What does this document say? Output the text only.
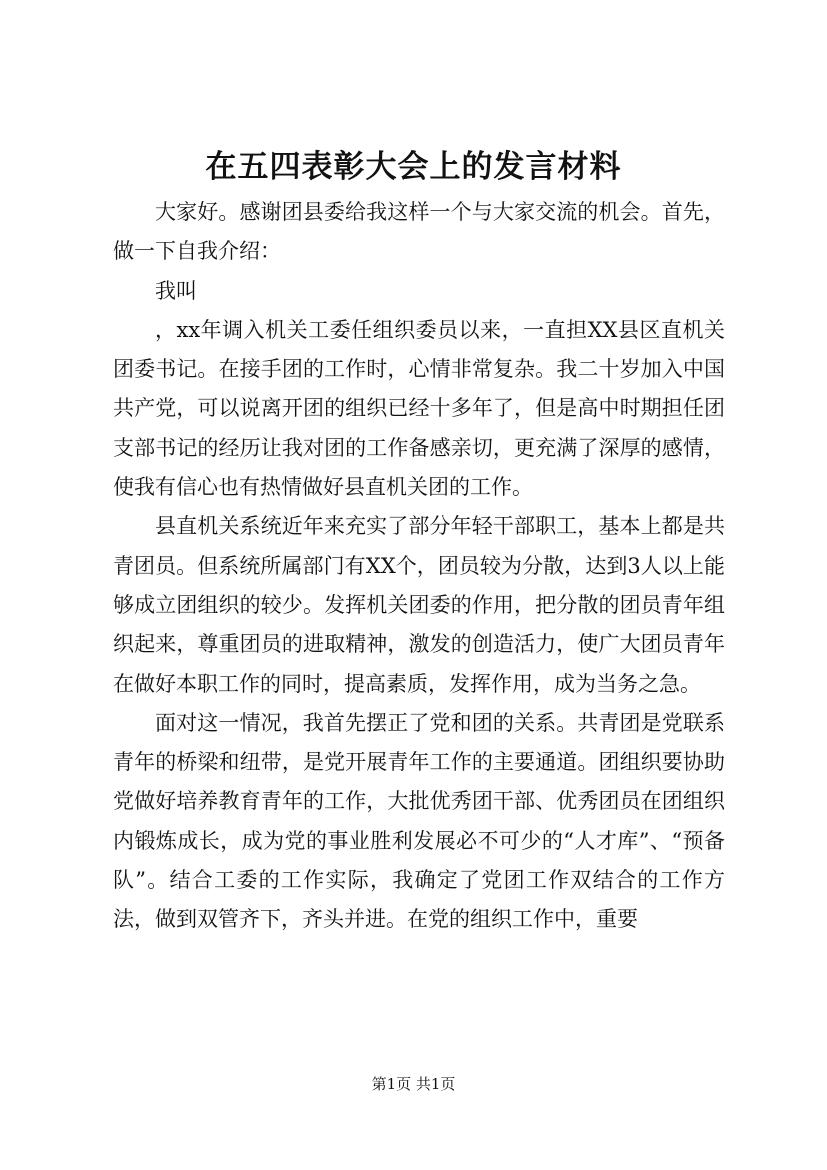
在五四表彰大会上的发言材料

大家好。感谢团县委给我这样一个与大家交流的机会。首先，做一下自我介绍：

我叫

，xx年调入机关工委任组织委员以来，一直担XX县区直机关团委书记。在接手团的工作时，心情非常复杂。我二十岁加入中国共产党，可以说离开团的组织已经十多年了，但是高中时期担任团支部书记的经历让我对团的工作备感亲切，更充满了深厚的感情，使我有信心也有热情做好县直机关团的工作。

县直机关系统近年来充实了部分年轻干部职工，基本上都是共青团员。但系统所属部门有XX个，团员较为分散，达到3人以上能够成立团组织的较少。发挥机关团委的作用，把分散的团员青年组织起来，尊重团员的进取精神，激发的创造活力，使广大团员青年在做好本职工作的同时，提高素质，发挥作用，成为当务之急。

面对这一情况，我首先摆正了党和团的关系。共青团是党联系青年的桥梁和纽带，是党开展青年工作的主要通道。团组织要协助党做好培养教育青年的工作，大批优秀团干部、优秀团员在团组织内锻炼成长，成为党的事业胜利发展必不可少的“人才库”、“预备队”。结合工委的工作实际，我确定了党团工作双结合的工作方法，做到双管齐下，齐头并进。在党的组织工作中，重要

第1页 共1页
